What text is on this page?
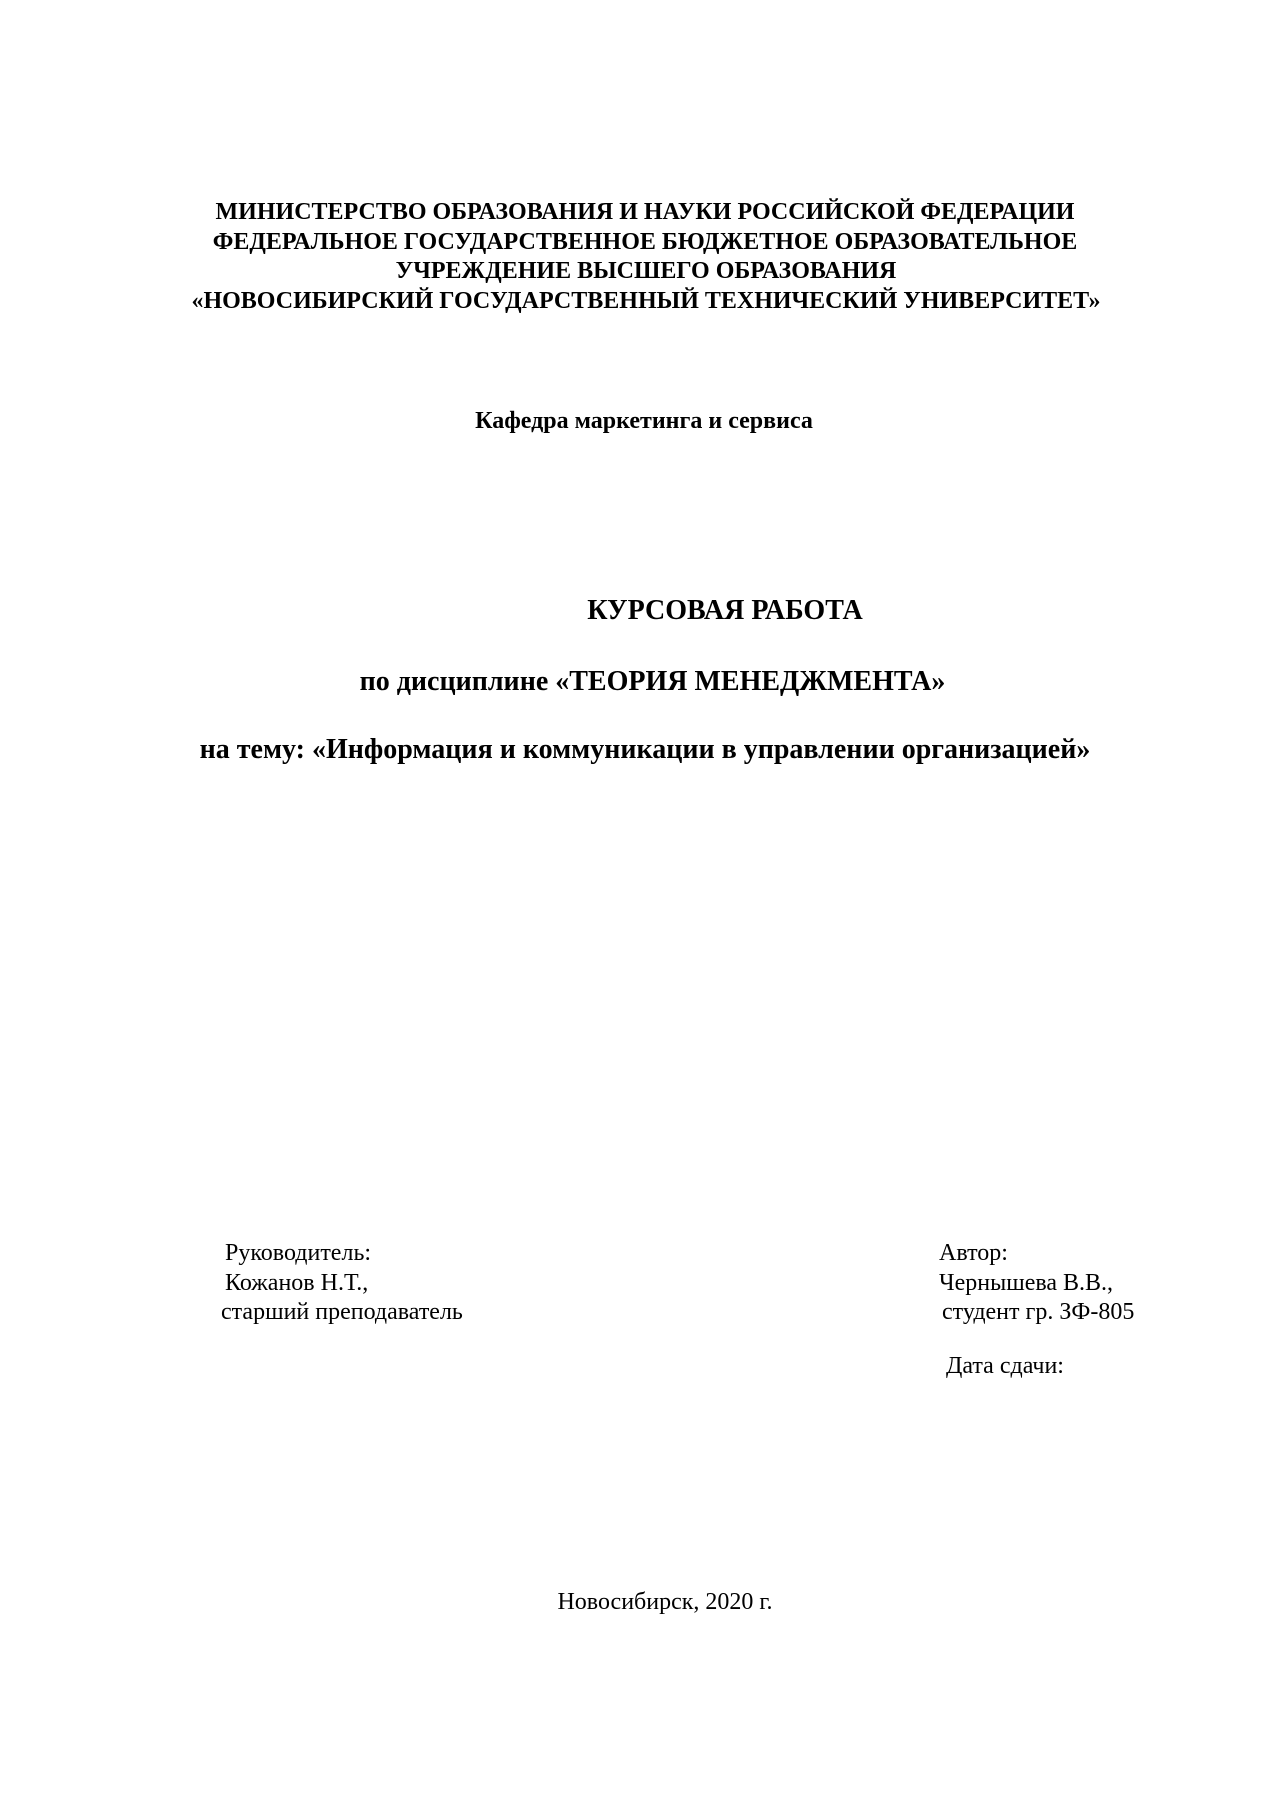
МИНИСТЕРСТВО ОБРАЗОВАНИЯ И НАУКИ РОССИЙСКОЙ ФЕДЕРАЦИИ
ФЕДЕРАЛЬНОЕ ГОСУДАРСТВЕННОЕ БЮДЖЕТНОЕ ОБРАЗОВАТЕЛЬНОЕ
УЧРЕЖДЕНИЕ ВЫСШЕГО ОБРАЗОВАНИЯ
«НОВОСИБИРСКИЙ ГОСУДАРСТВЕННЫЙ ТЕХНИЧЕСКИЙ УНИВЕРСИТЕТ»
Кафедра маркетинга и сервиса
КУРСОВАЯ РАБОТА
по дисциплине «ТЕОРИЯ МЕНЕДЖМЕНТА»
на тему: «Информация и коммуникации в управлении организацией»
Руководитель:
Кожанов Н.Т.,
старший преподаватель
Автор:
Чернышева В.В.,
студент гр. ЗФ-805
Дата сдачи:
Новосибирск, 2020 г.
